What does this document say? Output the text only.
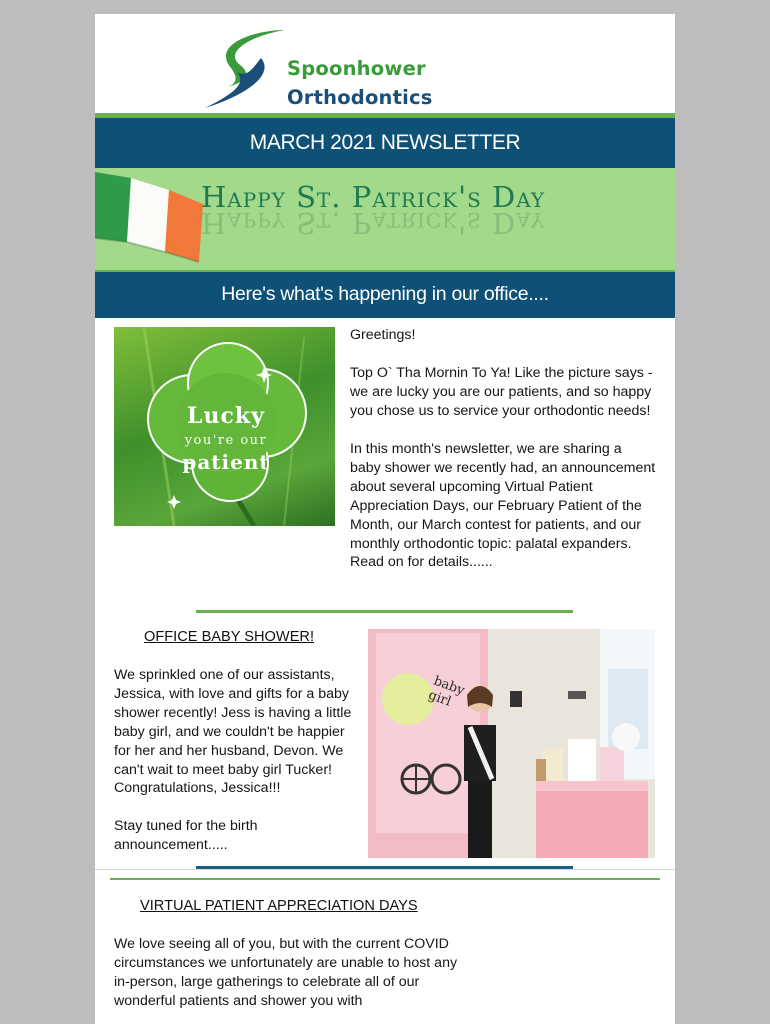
Spoonhower
Orthodontics
MARCH 2021 NEWSLETTER
Happy St. Patrick's Day
Happy St. Patrick's Day
Here's what's happening in our office....
Lucky
you're our
patient
Greetings!
Top O` Tha Mornin To Ya! Like the picture says - we are lucky you are our patients, and so happy you chose us to service your orthodontic needs!
In this month's newsletter, we are sharing a baby shower we recently had, an announcement about several upcoming Virtual Patient Appreciation Days, our February Patient of the Month, our March contest for patients, and our monthly orthodontic topic: palatal expanders. Read on for details......
OFFICE BABY SHOWER!
We sprinkled one of our assistants, Jessica, with love and gifts for a baby shower recently! Jess is having a little baby girl, and we couldn't be happier for her and her husband, Devon. We can't wait to meet baby girl Tucker! Congratulations, Jessica!!!
Stay tuned for the birth announcement.....
baby girl
VIRTUAL PATIENT APPRECIATION DAYS
We love seeing all of you, but with the current COVID circumstances we unfortunately are unable to host any in-person, large gatherings to celebrate all of our wonderful patients and shower you with
